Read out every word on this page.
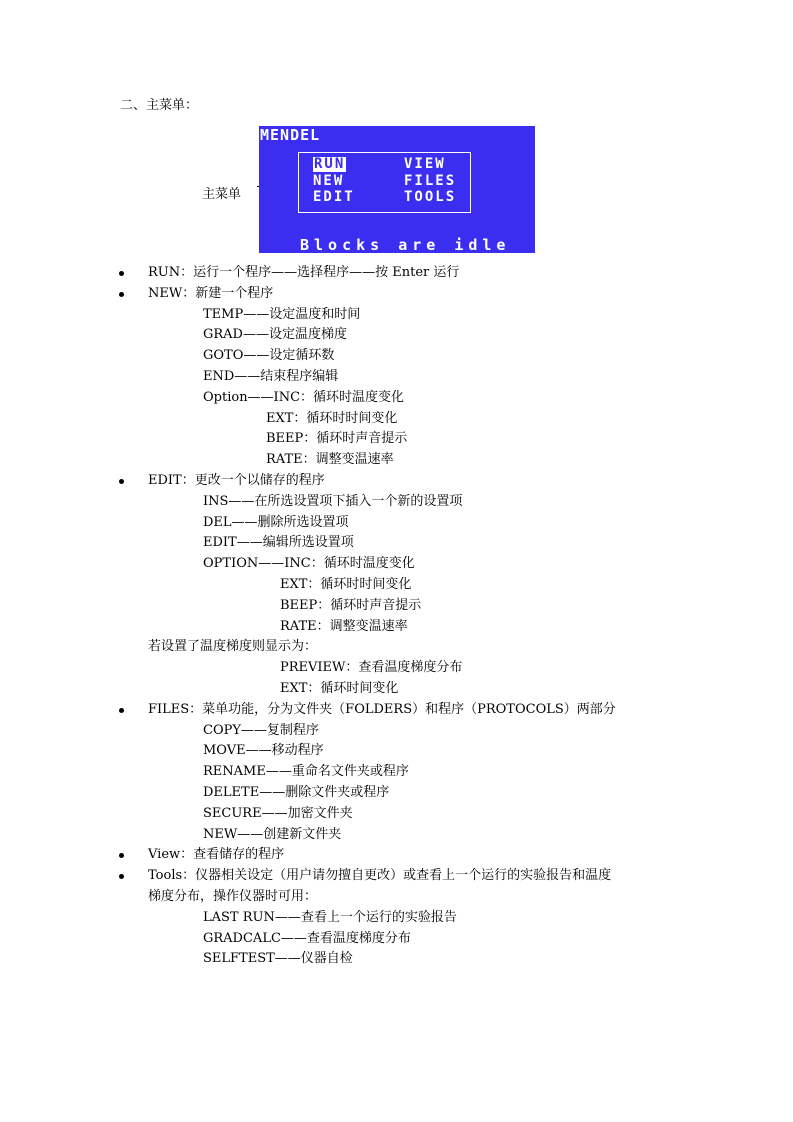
二、主菜单：
主菜单
MENDEL
RUN	VIEW
NEW	FILES
EDIT	TOOLS
Blocks are idle
RUN：运行一个程序——选择程序——按 Enter 运行
NEW：新建一个程序
TEMP——设定温度和时间
GRAD——设定温度梯度
GOTO——设定循环数
END——结束程序编辑
Option——INC：循环时温度变化
EXT：循环时时间变化
BEEP：循环时声音提示
RATE：调整变温速率
EDIT：更改一个以储存的程序
INS——在所选设置项下插入一个新的设置项
DEL——删除所选设置项
EDIT——编辑所选设置项
OPTION——INC：循环时温度变化
EXT：循环时时间变化
BEEP：循环时声音提示
RATE：调整变温速率
若设置了温度梯度则显示为：
PREVIEW：查看温度梯度分布
EXT：循环时间变化
FILES：菜单功能，分为文件夹（FOLDERS）和程序（PROTOCOLS）两部分
COPY——复制程序
MOVE——移动程序
RENAME——重命名文件夹或程序
DELETE——删除文件夹或程序
SECURE——加密文件夹
NEW——创建新文件夹
View：查看储存的程序
Tools：仪器相关设定（用户请勿擅自更改）或查看上一个运行的实验报告和温度
梯度分布，操作仪器时可用：
LAST RUN——查看上一个运行的实验报告
GRADCALC——查看温度梯度分布
SELFTEST——仪器自检
